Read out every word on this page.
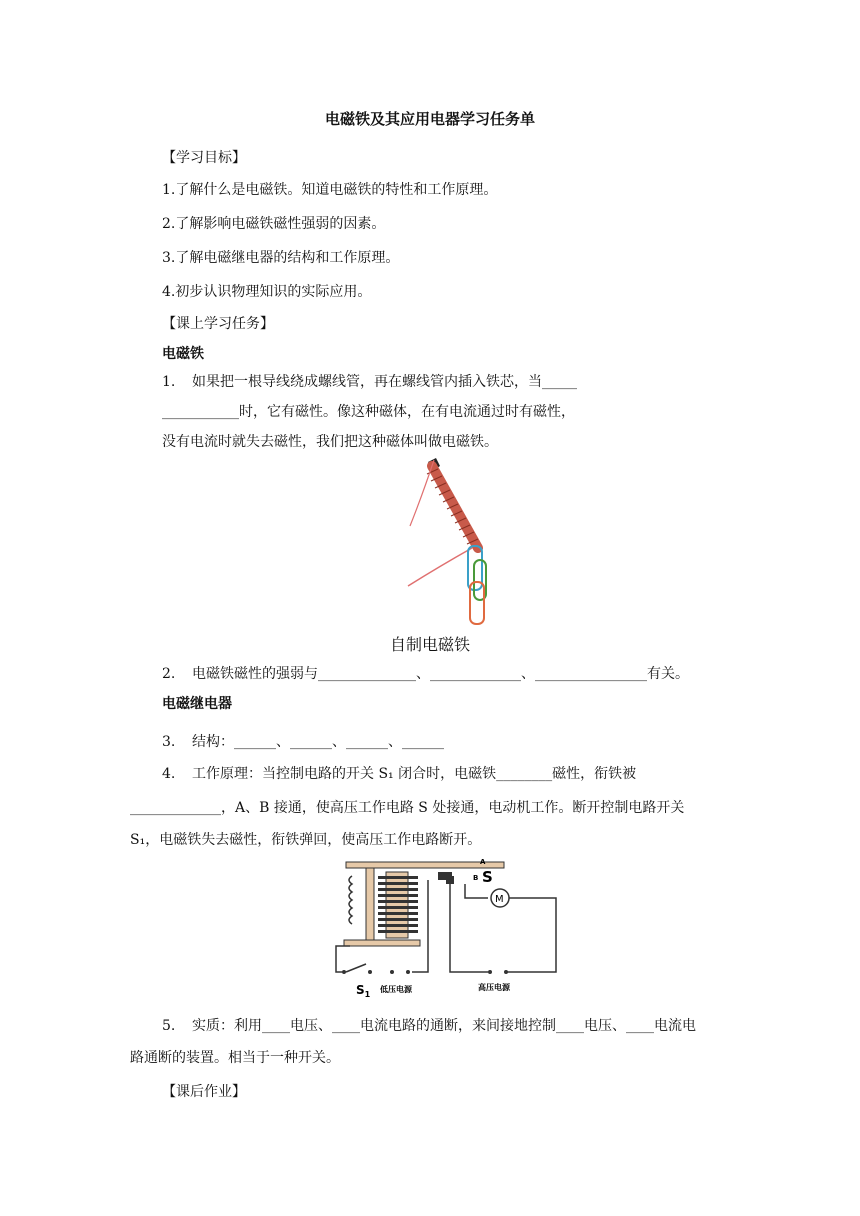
电磁铁及其应用电器学习任务单
【学习目标】
1.了解什么是电磁铁。知道电磁铁的特性和工作原理。
2.了解影响电磁铁磁性强弱的因素。
3.了解电磁继电器的结构和工作原理。
4.初步认识物理知识的实际应用。
【课上学习任务】
电磁铁
1. 如果把一根导线绕成螺线管，再在螺线管内插入铁芯，当_____
___________时，它有磁性。像这种磁体，在有电流通过时有磁性，
没有电流时就失去磁性，我们把这种磁体叫做电磁铁。
自制电磁铁
2. 电磁铁磁性的强弱与______________、_____________、________________有关。
电磁继电器
3. 结构：______、______、______、______
4. 工作原理：当控制电路的开关 S₁ 闭合时，电磁铁________磁性，衔铁被
_____________，A、B 接通，使高压工作电路 S 处接通，电动机工作。断开控制电路开关
S₁，电磁铁失去磁性，衔铁弹回，使高压工作电路断开。
A
B S
M
高压电源
$S_1$
低压电源
5. 实质：利用____电压、____电流电路的通断，来间接地控制____电压、____电流电
路通断的装置。相当于一种开关。
【课后作业】
